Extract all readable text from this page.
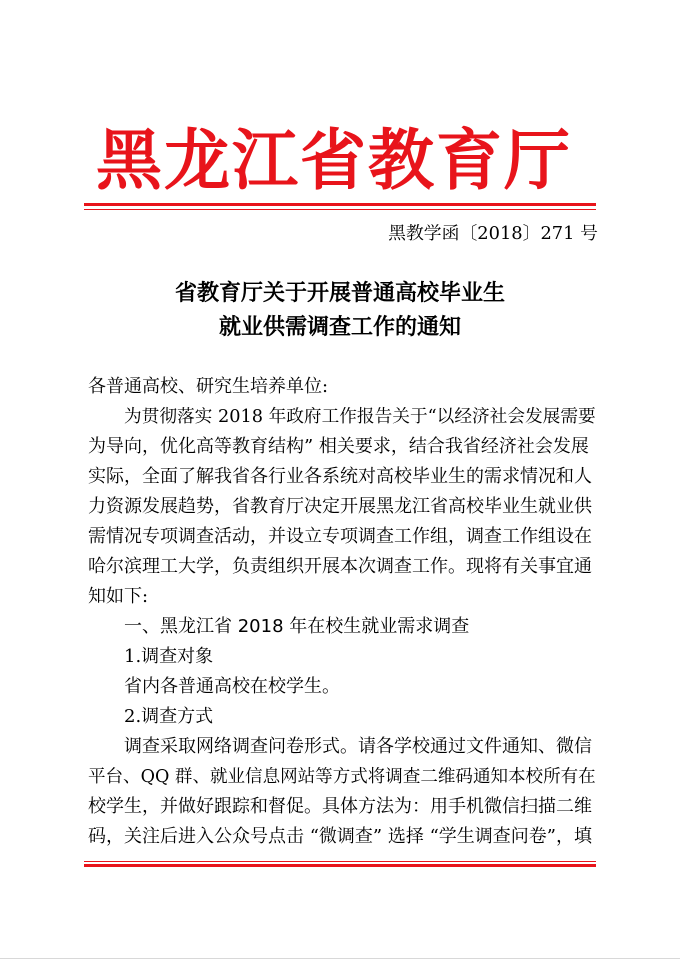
黑龙江省教育厅
黑教学函〔2018〕271 号
省教育厅关于开展普通高校毕业生
就业供需调查工作的通知
各普通高校、研究生培养单位:
为贯彻落实 2018 年政府工作报告关于“以经济社会发展需要
为导向，优化高等教育结构” 相关要求，结合我省经济社会发展
实际，全面了解我省各行业各系统对高校毕业生的需求情况和人
力资源发展趋势，省教育厅决定开展黑龙江省高校毕业生就业供
需情况专项调查活动，并设立专项调查工作组，调查工作组设在
哈尔滨理工大学，负责组织开展本次调查工作。现将有关事宜通
知如下:
一、黑龙江省 2018 年在校生就业需求调查
1.调查对象
省内各普通高校在校学生。
2.调查方式
调查采取网络调查问卷形式。请各学校通过文件通知、微信
平台、QQ 群、就业信息网站等方式将调查二维码通知本校所有在
校学生，并做好跟踪和督促。具体方法为：用手机微信扫描二维
码，关注后进入公众号点击 “微调查” 选择 “学生调查问卷”，填
